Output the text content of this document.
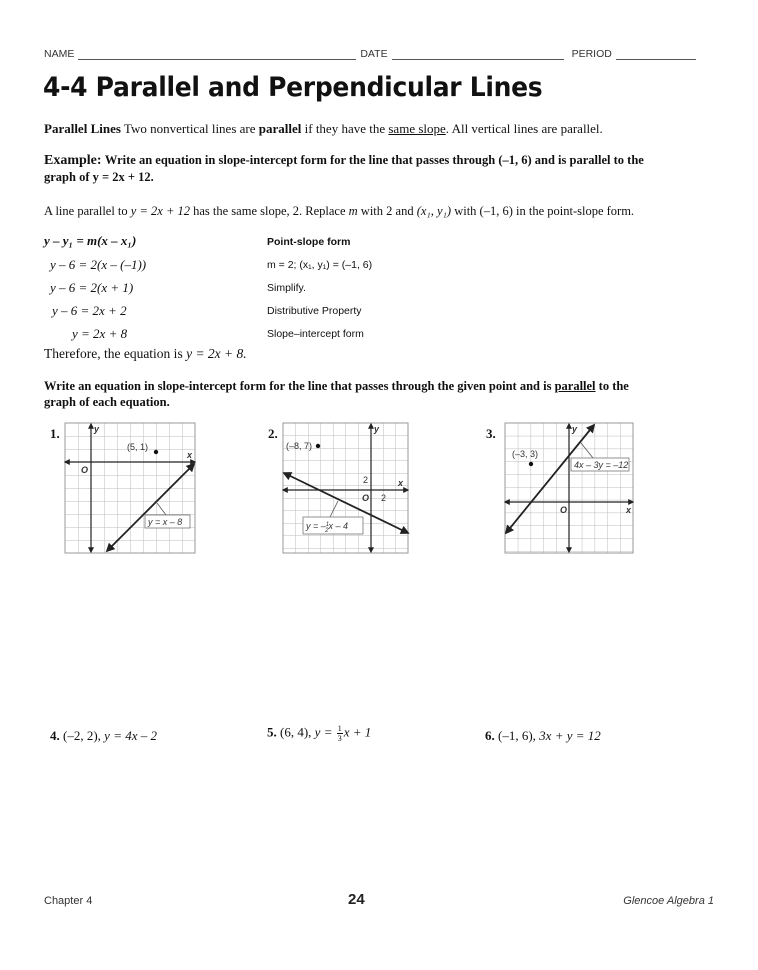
NAME	DATE	PERIOD
4-4 Parallel and Perpendicular Lines
Parallel Lines Two nonvertical lines are parallel if they have the same slope. All vertical lines are parallel.
Example: Write an equation in slope-intercept form for the line that passes through (–1, 6) and is parallel to the
graph of y = 2x + 12.
A line parallel to y = 2x + 12 has the same slope, 2. Replace m with 2 and (x₁, y₁) with (–1, 6) in the point-slope form.
y – y₁ = m(x – x₁)	Point-slope form
y – 6 = 2(x – (–1))	m = 2; (x₁, y₁) = (–1, 6)
y – 6 = 2(x + 1)	Simplify.
y – 6 = 2x + 2	Distributive Property
y = 2x + 8	Slope–intercept form
Therefore, the equation is y = 2x + 8.
Write an equation in slope-intercept form for the line that passes through the given point and is parallel to the
graph of each equation.
1.
(5, 1)
x
y
O
y = x – 8
2.
(–8, 7)
x
y
O 2
2
y = –$^1$ 2x – 4
3.
(–3, 3)
x
y
O
4x – 3y = –12
4. (–2, 2), y = 4x – 2	5. (6, 4), $y = \frac{1}{3}$ x + 1	6. (–1, 6), 3x + y = 12
Chapter 4	24	Glencoe Algebra 1
